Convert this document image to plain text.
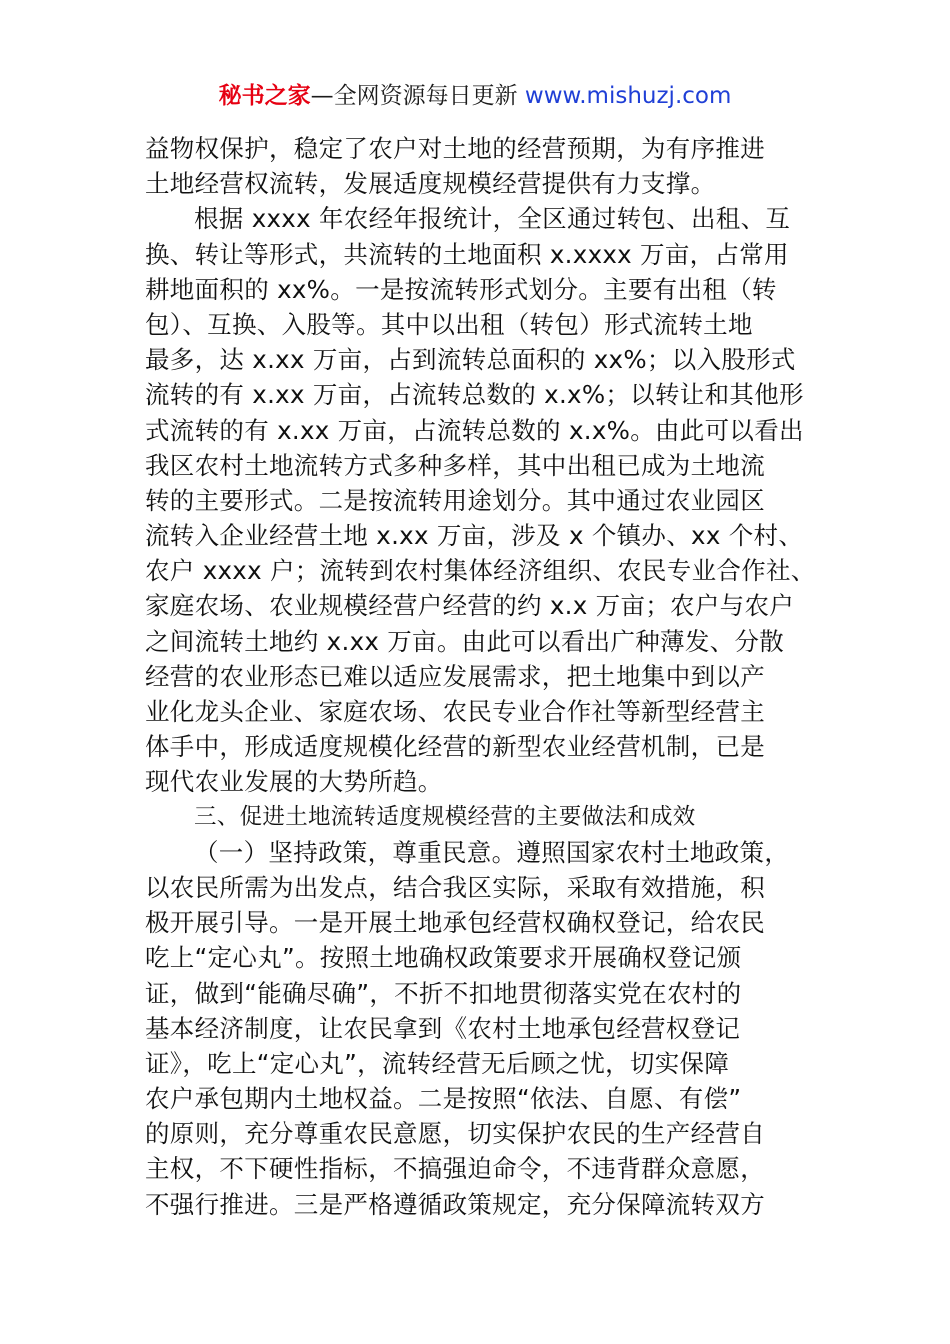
秘书之家—全网资源每日更新 www.mishuzj.com
益物权保护，稳定了农户对土地的经营预期，为有序推进
土地经营权流转，发展适度规模经营提供有力支撑。
根据 xxxx 年农经年报统计，全区通过转包、出租、互
换、转让等形式，共流转的土地面积 x.xxxx 万亩，占常用
耕地面积的 xx%。一是按流转形式划分。主要有出租（转
包）、互换、入股等。其中以出租（转包）形式流转土地
最多，达 x.xx 万亩，占到流转总面积的 xx%；以入股形式
流转的有 x.xx 万亩，占流转总数的 x.x%；以转让和其他形
式流转的有 x.xx 万亩，占流转总数的 x.x%。由此可以看出
我区农村土地流转方式多种多样，其中出租已成为土地流
转的主要形式。二是按流转用途划分。其中通过农业园区
流转入企业经营土地 x.xx 万亩，涉及 x 个镇办、xx 个村、
农户 xxxx 户；流转到农村集体经济组织、农民专业合作社、
家庭农场、农业规模经营户经营的约 x.x 万亩；农户与农户
之间流转土地约 x.xx 万亩。由此可以看出广种薄发、分散
经营的农业形态已难以适应发展需求，把土地集中到以产
业化龙头企业、家庭农场、农民专业合作社等新型经营主
体手中，形成适度规模化经营的新型农业经营机制，已是
现代农业发展的大势所趋。
三、促进土地流转适度规模经营的主要做法和成效
（一）坚持政策，尊重民意。遵照国家农村土地政策，
以农民所需为出发点，结合我区实际，采取有效措施，积
极开展引导。一是开展土地承包经营权确权登记，给农民
吃上“定心丸”。按照土地确权政策要求开展确权登记颁
证，做到“能确尽确”，不折不扣地贯彻落实党在农村的
基本经济制度，让农民拿到《农村土地承包经营权登记
证》，吃上“定心丸”，流转经营无后顾之忧，切实保障
农户承包期内土地权益。二是按照“依法、自愿、有偿”
的原则，充分尊重农民意愿，切实保护农民的生产经营自
主权，不下硬性指标，不搞强迫命令，不违背群众意愿，
不强行推进。三是严格遵循政策规定，充分保障流转双方
